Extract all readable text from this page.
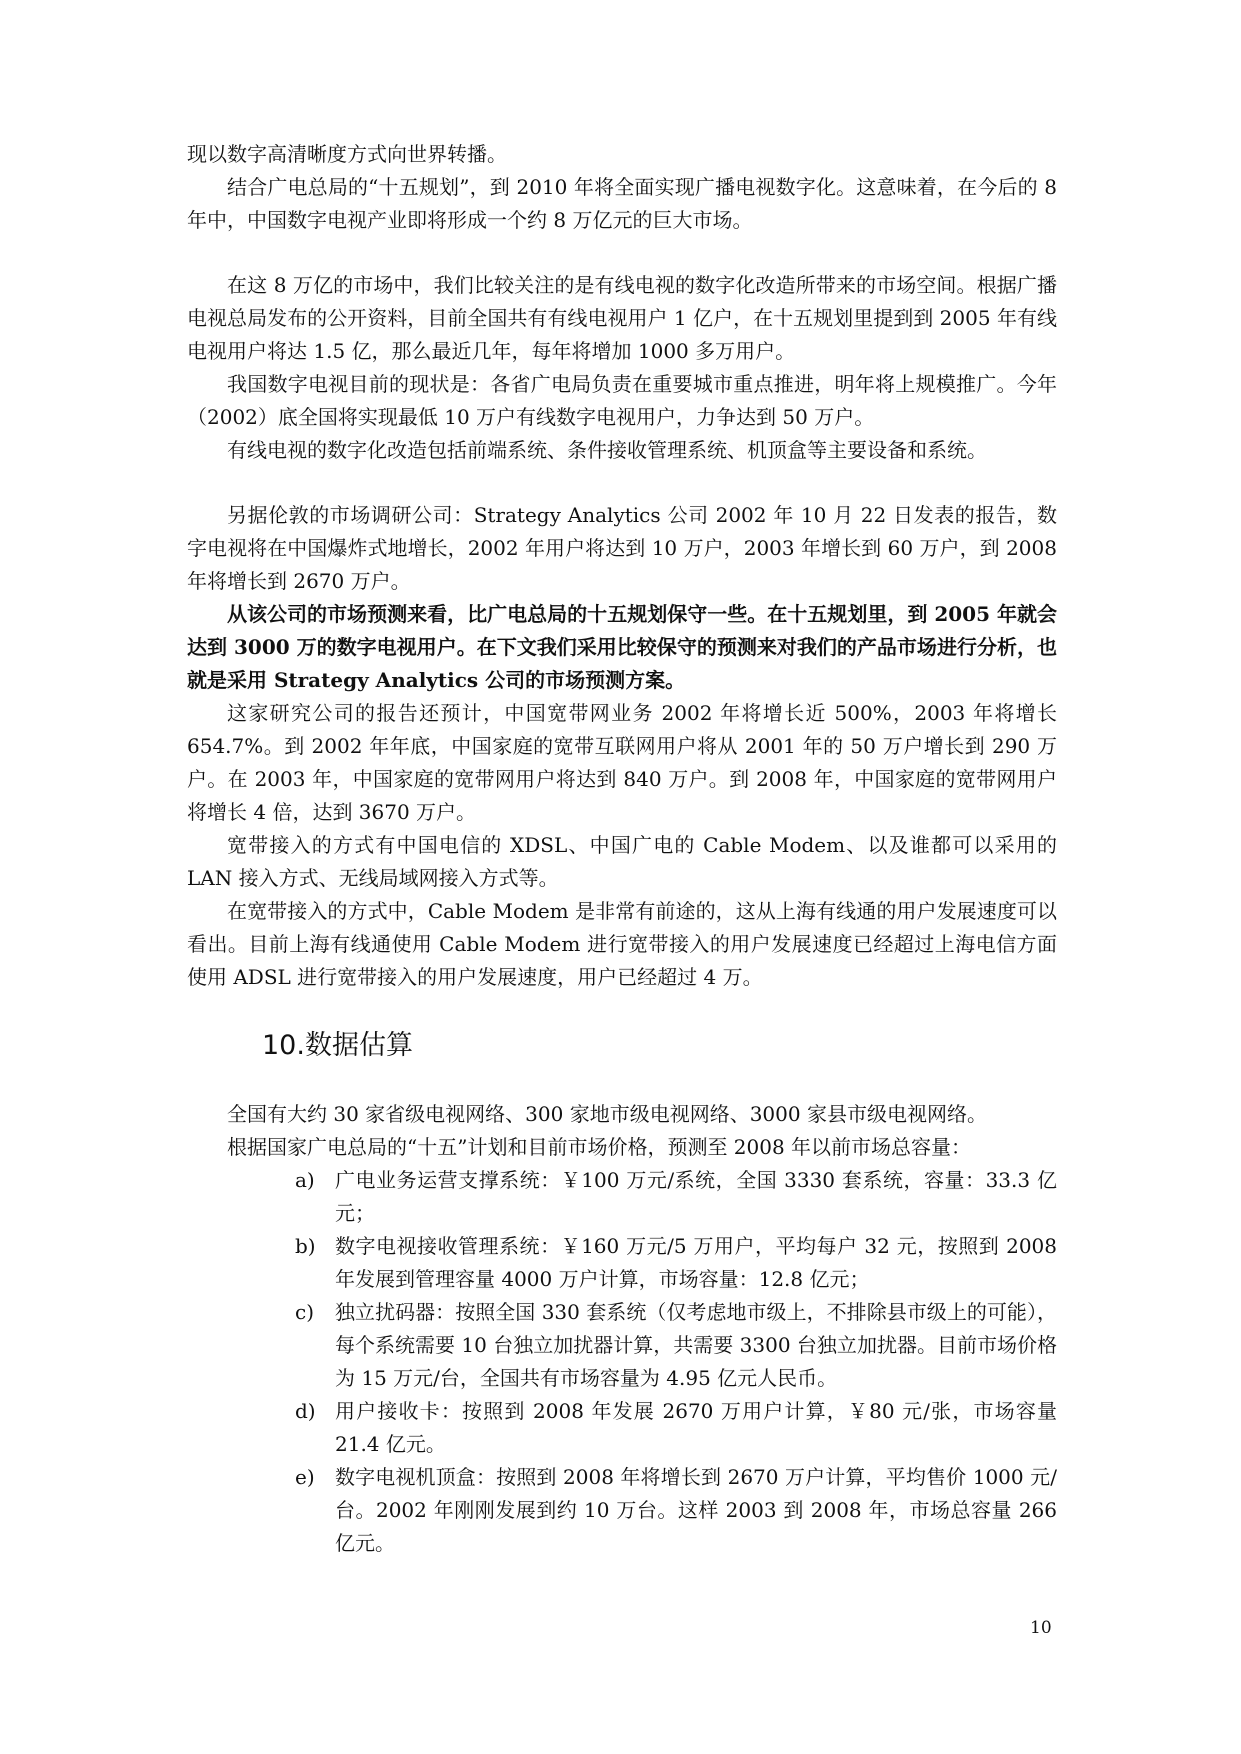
现以数字高清晰度方式向世界转播。

结合广电总局的“十五规划”，到 2010 年将全面实现广播电视数字化。这意味着，在今后的 8 年中，中国数字电视产业即将形成一个约 8 万亿元的巨大市场。

在这 8 万亿的市场中，我们比较关注的是有线电视的数字化改造所带来的市场空间。根据广播电视总局发布的公开资料，目前全国共有有线电视用户 1 亿户，在十五规划里提到到 2005 年有线电视用户将达 1.5 亿，那么最近几年，每年将增加 1000 多万用户。

我国数字电视目前的现状是：各省广电局负责在重要城市重点推进，明年将上规模推广。今年（2002）底全国将实现最低 10 万户有线数字电视用户，力争达到 50 万户。

有线电视的数字化改造包括前端系统、条件接收管理系统、机顶盒等主要设备和系统。

另据伦敦的市场调研公司：Strategy Analytics 公司 2002 年 10 月 22 日发表的报告，数字电视将在中国爆炸式地增长，2002 年用户将达到 10 万户，2003 年增长到 60 万户，到 2008 年将增长到 2670 万户。

从该公司的市场预测来看，比广电总局的十五规划保守一些。在十五规划里，到 2005 年就会达到 3000 万的数字电视用户。在下文我们采用比较保守的预测来对我们的产品市场进行分析，也就是采用 Strategy Analytics 公司的市场预测方案。

这家研究公司的报告还预计，中国宽带网业务 2002 年将增长近 500%，2003 年将增长 654.7%。到 2002 年年底，中国家庭的宽带互联网用户将从 2001 年的 50 万户增长到 290 万户。在 2003 年，中国家庭的宽带网用户将达到 840 万户。到 2008 年，中国家庭的宽带网用户将增长 4 倍，达到 3670 万户。

宽带接入的方式有中国电信的 XDSL、中国广电的 Cable Modem、以及谁都可以采用的 LAN 接入方式、无线局域网接入方式等。

在宽带接入的方式中，Cable Modem 是非常有前途的，这从上海有线通的用户发展速度可以看出。目前上海有线通使用 Cable Modem 进行宽带接入的用户发展速度已经超过上海电信方面使用 ADSL 进行宽带接入的用户发展速度，用户已经超过 4 万。

10.数据估算

全国有大约 30 家省级电视网络、300 家地市级电视网络、3000 家县市级电视网络。

根据国家广电总局的“十五”计划和目前市场价格，预测至 2008 年以前市场总容量：

a)	广电业务运营支撑系统：￥100 万元/系统，全国 3330 套系统，容量：33.3 亿元；
b) 数字电视接收管理系统：￥160 万元/5 万用户，平均每户 32 元，按照到 2008 年发展到管理容量 4000 万户计算，市场容量：12.8 亿元；
c)	独立扰码器：按照全国 330 套系统（仅考虑地市级上，不排除县市级上的可能），每个系统需要 10 台独立加扰器计算，共需要 3300 台独立加扰器。目前市场价格为 15 万元/台，全国共有市场容量为 4.95 亿元人民币。
d) 用户接收卡：按照到 2008 年发展 2670 万用户计算，￥80 元/张，市场容量 21.4 亿元。
e)	数字电视机顶盒：按照到 2008 年将增长到 2670 万户计算，平均售价 1000 元/台。2002 年刚刚发展到约 10 万台。这样 2003 到 2008 年，市场总容量 266 亿元。
10
